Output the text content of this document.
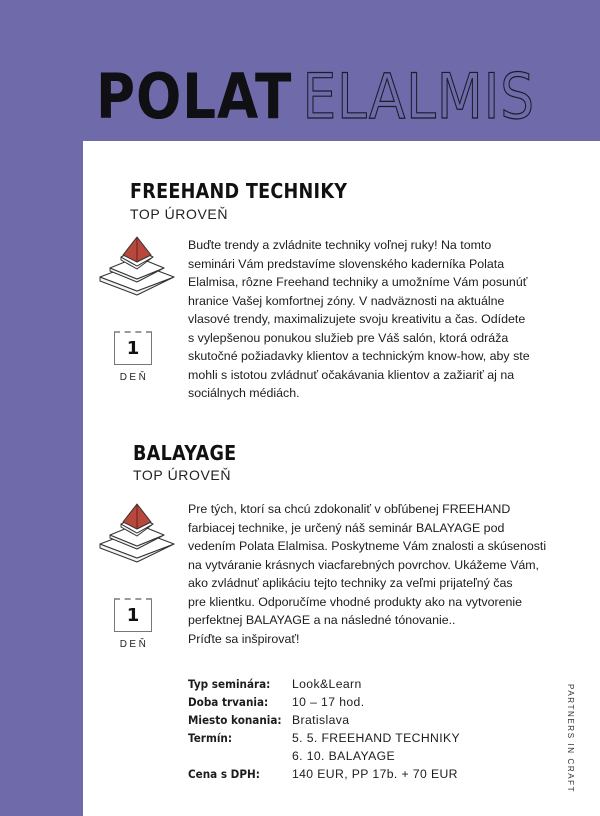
POLAT ELALMIS
FREEHAND TECHNIKY
TOP ÚROVEŇ
1
DEŇ

Buďte trendy a zvládnite techniky voľnej ruky! Na tomto
seminári Vám predstavíme slovenského kaderníka Polata
Elalmisa, rôzne Freehand techniky a umožníme Vám posunúť
hranice Vašej komfortnej zóny. V nadväznosti na aktuálne
vlasové trendy, maximalizujete svoju kreativitu a čas. Odídete
s vylepšenou ponukou služieb pre Váš salón, ktorá odráža
skutočné požiadavky klientov a technickým know-how, aby ste
mohli s istotou zvládnuť očakávania klientov a zažiariť aj na
sociálnych médiách.

BALAYAGE
TOP ÚROVEŇ
1
DEŇ

Pre tých, ktorí sa chcú zdokonaliť v obľúbenej FREEHAND
farbiacej technike, je určený náš seminár BALAYAGE pod
vedením Polata Elalmisa. Poskytneme Vám znalosti a skúsenosti
na vytváranie krásnych viacfarebných povrchov. Ukážeme Vám,
ako zvládnuť aplikáciu tejto techniky za veľmi prijateľný čas
pre klientku. Odporučíme vhodné produkty ako na vytvorenie
perfektnej BALAYAGE a na následné tónovanie..
Príďte sa inšpirovať!

Typ seminára:	Look&Learn
Doba trvania:	10 – 17 hod.
Miesto konania:	Bratislava
Termín:	5. 5. FREEHAND TECHNIKY
	6. 10. BALAYAGE
Cena s DPH:	140 EUR, PP 17b. + 70 EUR	PARTNERS IN CRAFT
